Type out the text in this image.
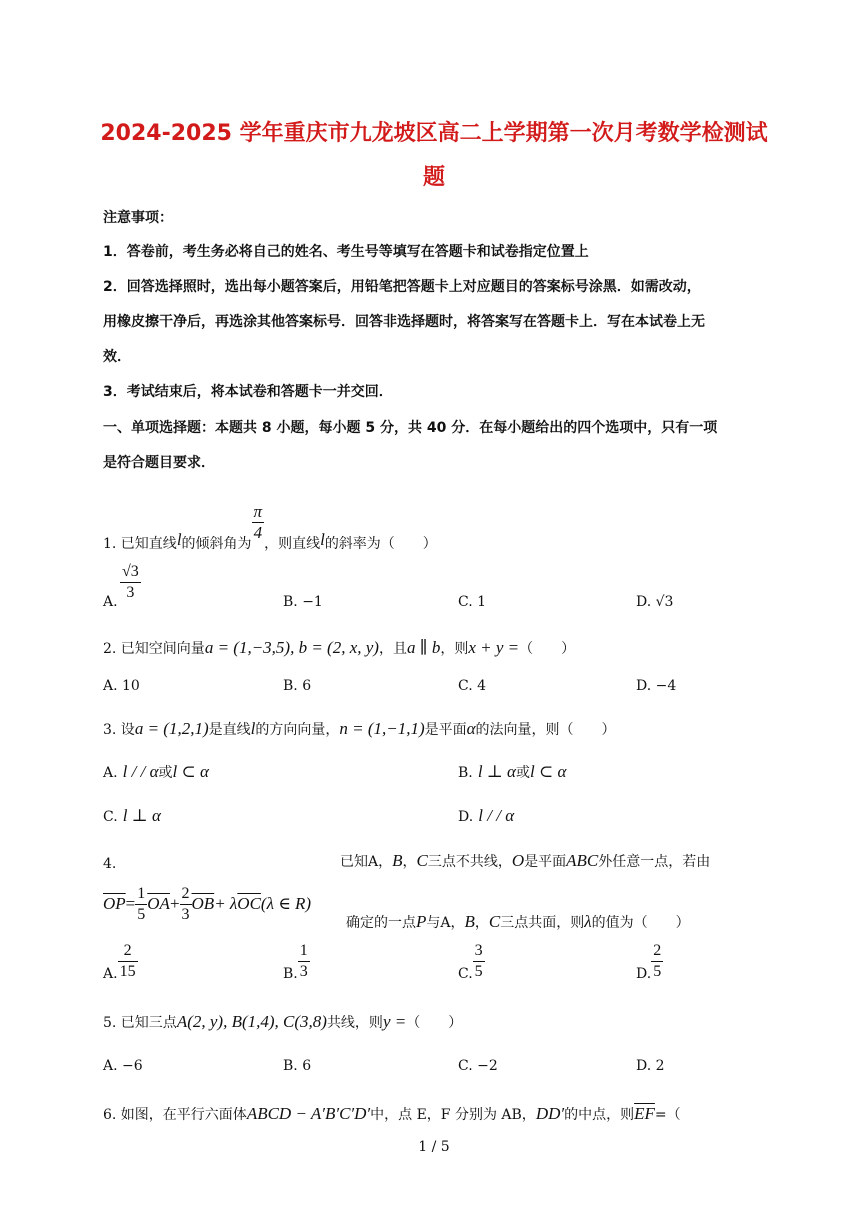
2024-2025 学年重庆市九龙坡区高二上学期第一次月考数学检测试
题
注意事项：
1．答卷前，考生务必将自己的姓名、考生号等填写在答题卡和试卷指定位置上
2．回答选择照时，选出每小题答案后，用铅笔把答题卡上对应题目的答案标号涂黑．如需改动，
用橡皮擦干净后，再选涂其他答案标号．回答非选择题时，将答案写在答题卡上．写在本试卷上无
效．
3．考试结束后，将本试卷和答题卡一并交回．
一、单项选择题：本题共 8 小题，每小题 5 分，共 40 分．在每小题给出的四个选项中，只有一项
是符合题目要求．
1. 已知直线l的倾斜角为
$\frac{\pi}{4}$
，则直线l的斜率为（　　）
A. $\frac{√3}{3}$	B. −1	C. 1	D. √3
2. 已知空间向量a = (1,−3,5), b = (2, x, y)，且a ∥ b，则x + y =（　　）
A. 10	B. 6	C. 4	D. −4
3. 设a = (1,2,1)是直线l的方向向量，n = (1,−1,1)是平面α的法向量，则（　　）
A. l / / α或l ⊂ α	B. l ⊥ α或l ⊂ α
C. l ⊥ α	D. l / / α
4.	已知A，B，C三点不共线，O是平面ABC外任意一点，若由
$\overline{OP}= \frac{1}{5} \overline{OA}+ \frac{2}{3} \overline{OB}+ \lambda\overline{OC}(\lambda$ ∈ R)
确定的一点P与A，B，C三点共面，则λ的值为（　　）
A. $\frac{2}{15}$	B. $\frac{1}{3}$	C. $\frac{3}{5}$	D. $\frac{2}{5}$
5. 已知三点A(2, y), B(1,4), C(3,8)共线，则y =（　　）
A. −6	B. 6	C. −2	D. 2
6. 如图，在平行六面体ABCD − A′B′C′D′中，点 E，F 分别为 AB，DD′的中点，则$\overline{EF}=$（
1 / 5
